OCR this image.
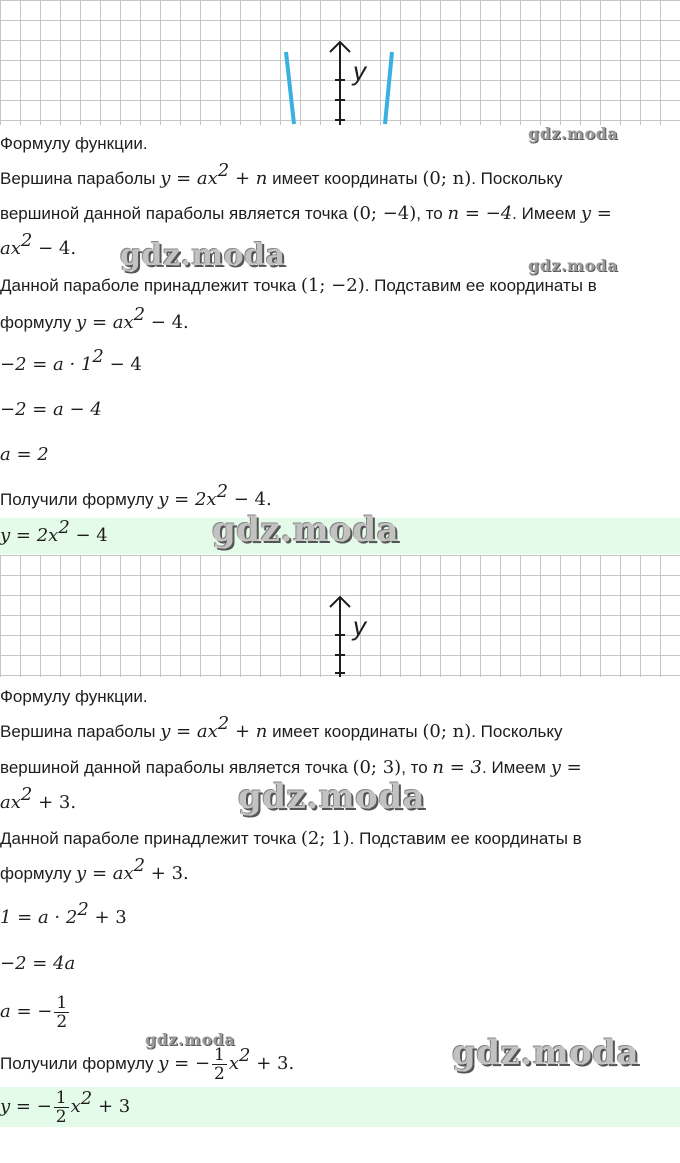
y
Формулу функции.
Вершина параболы $y = ax^2 + n$ имеет координаты (0; n). Поскольку
вершиной данной параболы является точка (0; −4), то n = −4. Имеем y =
$ax^2 - 4$.
Данной параболе принадлежит точка (1; −2). Подставим ее координаты в
формулу $y = ax^2 - 4$.
$-2 = a \cdot 1^2 - 4$
−2 = a − 4
a = 2
Получили формулу $y = 2x^2 - 4$.
$y = 2x^2 - 4$
y
Формулу функции.
Вершина параболы $y = ax^2 + n$ имеет координаты (0; n). Поскольку
вершиной данной параболы является точка (0; 3), то n = 3. Имеем y =
$ax^2 + 3$.
Данной параболе принадлежит точка (2; 1). Подставим ее координаты в
формулу $y = ax^2 + 3$.
$1 = a \cdot 2^2 + 3$
−2 = 4a
a = − $\frac{1}{2}$
Получили формулу y = − $\frac{1}{2} x^2 + 3$.
y = − $\frac{1}{2} x^2 + 3$
gdz.moda
gdz.moda	gdz.moda
gdz.moda
gdz.moda
gdz.moda	gdz.moda
